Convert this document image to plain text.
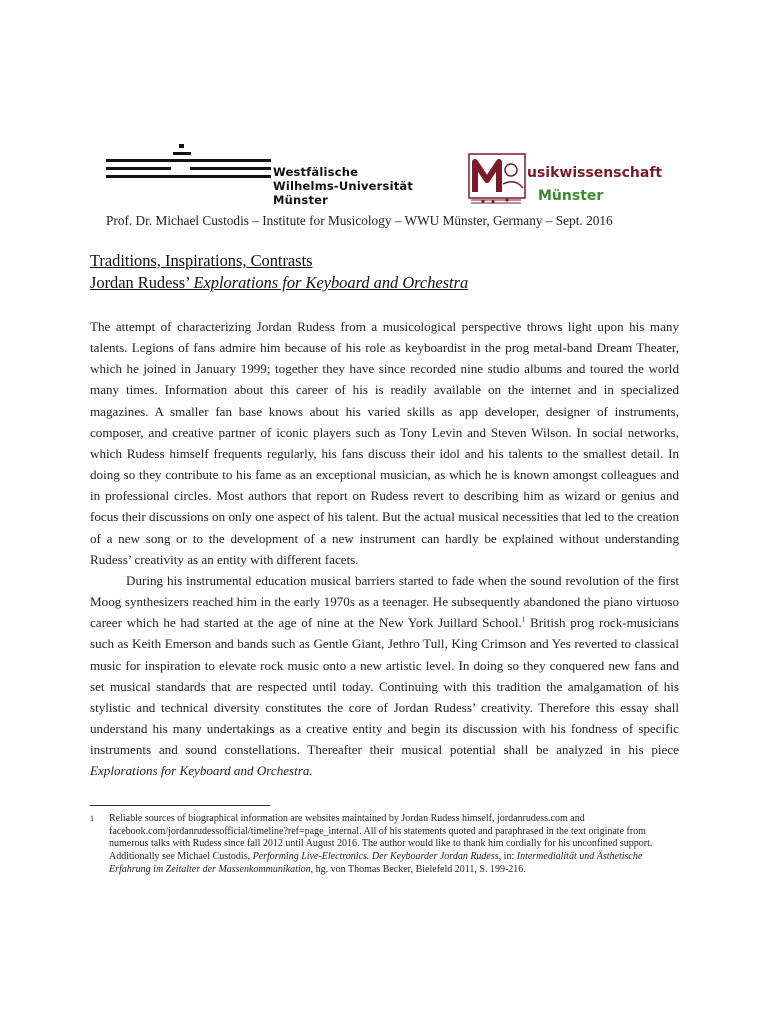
Westfälische
Wilhelms-Universität
Münster
usikwissenschaft
Münster
Prof. Dr. Michael Custodis – Institute for Musicology – WWU Münster, Germany – Sept. 2016
Traditions, Inspirations, Contrasts
Jordan Rudess’ Explorations for Keyboard and Orchestra

The attempt of characterizing Jordan Rudess from a musicological perspective throws light upon his many talents. Legions of fans admire him because of his role as keyboardist in the prog metal-band Dream Theater, which he joined in January 1999; together they have since recorded nine studio albums and toured the world many times. Information about this career of his is readily available on the internet and in specialized magazines. A smaller fan base knows about his varied skills as app developer, designer of instruments, composer, and creative partner of iconic players such as Tony Levin and Steven Wilson. In social networks, which Rudess himself frequents regularly, his fans discuss their idol and his talents to the smallest detail. In doing so they contribute to his fame as an exceptional musician, as which he is known amongst colleagues and in professional circles. Most authors that report on Rudess revert to describing him as wizard or genius and focus their discussions on only one aspect of his talent. But the actual musical necessities that led to the creation of a new song or to the development of a new instrument can hardly be explained without understanding Rudess’ creativity as an entity with different facets.

During his instrumental education musical barriers started to fade when the sound revolution of the first Moog synthesizers reached him in the early 1970s as a teenager. He subsequently abandoned the piano virtuoso career which he had started at the age of nine at the New York Juillard School.$^1$ British prog rock-musicians such as Keith Emerson and bands such as Gentle Giant, Jethro Tull, King Crimson and Yes reverted to classical music for inspiration to elevate rock music onto a new artistic level. In doing so they conquered new fans and set musical standards that are respected until today. Continuing with this tradition the amalgamation of his stylistic and technical diversity constitutes the core of Jordan Rudess’ creativity. Therefore this essay shall understand his many undertakings as a creative entity and begin its discussion with his fondness of specific instruments and sound constellations. Thereafter their musical potential shall be analyzed in his piece Explorations for Keyboard and Orchestra.

1 Reliable sources of biographical information are websites maintained by Jordan Rudess himself, jordanrudess.com and facebook.com/jordanrudessofficial/timeline?ref=page_internal. All of his statements quoted and paraphrased in the text originate from numerous talks with Rudess since fall 2012 until August 2016. The author would like to thank him cordially for his unconfined support. Additionally see Michael Custodis, Performing Live-Electronics. Der Keyboarder Jordan Rudess, in: Intermedialität und Ästhetische Erfahrung im Zeitalter der Massenkommunikation, hg. von Thomas Becker, Bielefeld 2011, S. 199-216.
